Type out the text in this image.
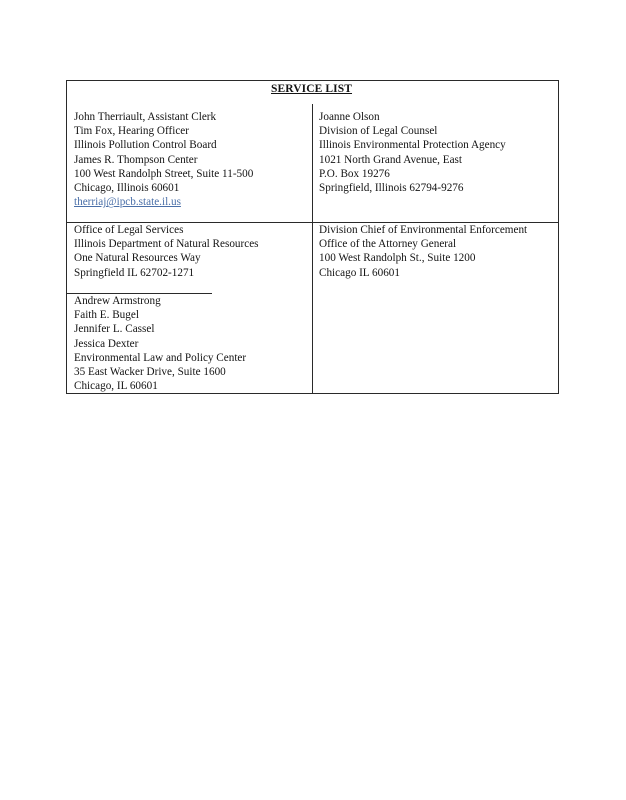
SERVICE LIST
John Therriault, Assistant Clerk
Tim Fox, Hearing Officer
Illinois Pollution Control Board
James R. Thompson Center
100 West Randolph Street, Suite 11-500
Chicago, Illinois 60601
therriaj@ipcb.state.il.us
Joanne Olson
Division of Legal Counsel
Illinois Environmental Protection Agency
1021 North Grand Avenue, East
P.O. Box 19276
Springfield, Illinois 62794-9276
Office of Legal Services
Illinois Department of Natural Resources
One Natural Resources Way
Springfield IL 62702-1271
Division Chief of Environmental Enforcement
Office of the Attorney General
100 West Randolph St., Suite 1200
Chicago IL 60601
Andrew Armstrong
Faith E. Bugel
Jennifer L. Cassel
Jessica Dexter
Environmental Law and Policy Center
35 East Wacker Drive, Suite 1600
Chicago, IL 60601
